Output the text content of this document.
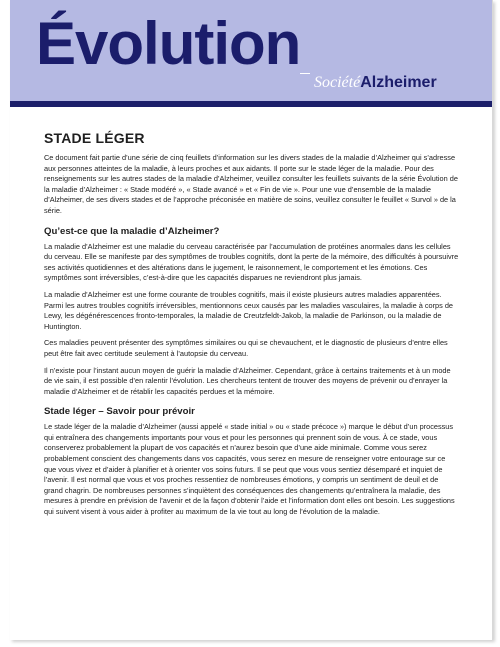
Évolution
SociétéAlzheimer
STADE LÉGER

Ce document fait partie d’une série de cinq feuillets d’information sur les divers stades de la maladie d’Alzheimer qui s’adresse aux personnes atteintes de la maladie, à leurs proches et aux aidants. Il porte sur le stade léger de la maladie. Pour des renseignements sur les autres stades de la maladie d’Alzheimer, veuillez consulter les feuillets suivants de la série Évolution de la maladie d’Alzheimer : « Stade modéré », « Stade avancé » et « Fin de vie ». Pour une vue d’ensemble de la maladie d’Alzheimer, de ses divers stades et de l’approche préconisée en matière de soins, veuillez consulter le feuillet « Survol » de la série.

Qu’est-ce que la maladie d’Alzheimer?

La maladie d’Alzheimer est une maladie du cerveau caractérisée par l’accumulation de protéines anormales dans les cellules du cerveau. Elle se manifeste par des symptômes de troubles cognitifs, dont la perte de la mémoire, des difficultés à poursuivre ses activités quotidiennes et des altérations dans le jugement, le raisonnement, le comportement et les émotions. Ces symptômes sont irréversibles, c’est-à-dire que les capacités disparues ne reviendront plus jamais.

La maladie d’Alzheimer est une forme courante de troubles cognitifs, mais il existe plusieurs autres maladies apparentées. Parmi les autres troubles cognitifs irréversibles, mentionnons ceux causés par les maladies vasculaires, la maladie à corps de Lewy, les dégénérescences fronto-temporales, la maladie de Creutzfeldt-Jakob, la maladie de Parkinson, ou la maladie de Huntington.

Ces maladies peuvent présenter des symptômes similaires ou qui se chevauchent, et le diagnostic de plusieurs d’entre elles peut être fait avec certitude seulement à l’autopsie du cerveau.

Il n’existe pour l’instant aucun moyen de guérir la maladie d’Alzheimer. Cependant, grâce à certains traitements et à un mode de vie sain, il est possible d’en ralentir l’évolution. Les chercheurs tentent de trouver des moyens de prévenir ou d’enrayer la maladie d’Alzheimer et de rétablir les capacités perdues et la mémoire.

Stade léger – Savoir pour prévoir

Le stade léger de la maladie d’Alzheimer (aussi appelé « stade initial » ou « stade précoce ») marque le début d’un processus qui entraînera des changements importants pour vous et pour les personnes qui prennent soin de vous. À ce stade, vous conserverez probablement la plupart de vos capacités et n’aurez besoin que d’une aide minimale. Comme vous serez probablement conscient des changements dans vos capacités, vous serez en mesure de renseigner votre entourage sur ce que vous vivez et d’aider à planifier et à orienter vos soins futurs. Il se peut que vous vous sentiez désemparé et inquiet de l’avenir. Il est normal que vous et vos proches ressentiez de nombreuses émotions, y compris un sentiment de deuil et de grand chagrin. De nombreuses personnes s’inquiètent des conséquences des changements qu’entraînera la maladie, des mesures à prendre en prévision de l’avenir et de la façon d’obtenir l’aide et l’information dont elles ont besoin. Les suggestions qui suivent visent à vous aider à profiter au maximum de la vie tout au long de l’évolution de la maladie.
